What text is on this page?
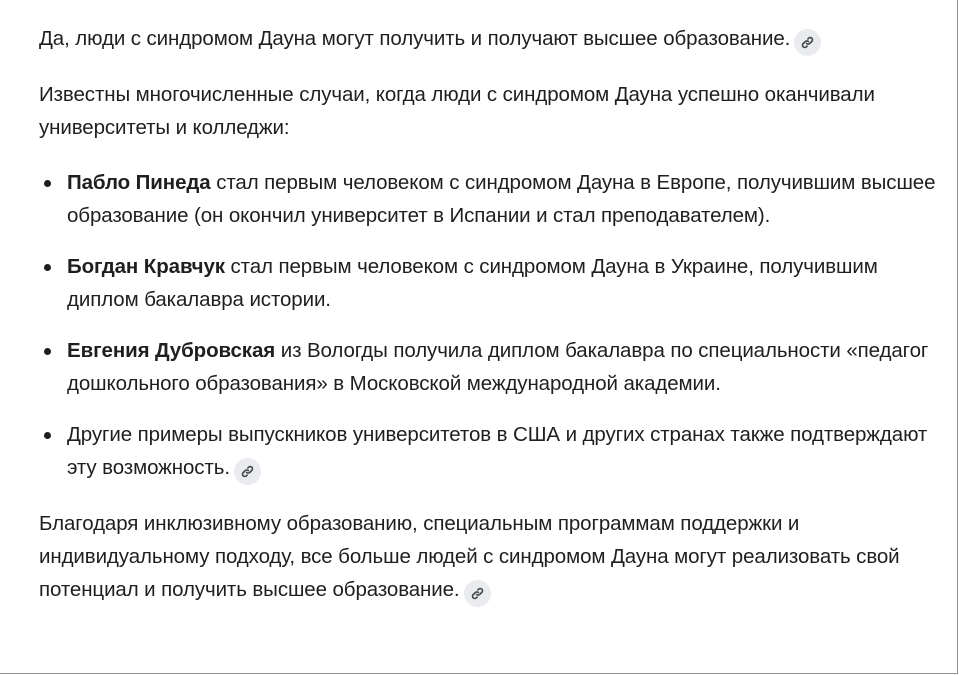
Да, люди с синдромом Дауна могут получить и получают высшее образование.

Известны многочисленные случаи, когда люди с синдромом Дауна успешно оканчивали университеты и колледжи:

Пабло Пинеда стал первым человеком с синдромом Дауна в Европе, получившим высшее образование (он окончил университет в Испании и стал преподавателем).
Богдан Кравчук стал первым человеком с синдромом Дауна в Украине, получившим диплом бакалавра истории.
Евгения Дубровская из Вологды получила диплом бакалавра по специальности «педагог дошкольного образования» в Московской международной академии.
Другие примеры выпускников университетов в США и других странах также подтверждают эту возможность.

Благодаря инклюзивному образованию, специальным программам поддержки и индивидуальному подходу, все больше людей с синдромом Дауна могут реализовать свой потенциал и получить высшее образование.
